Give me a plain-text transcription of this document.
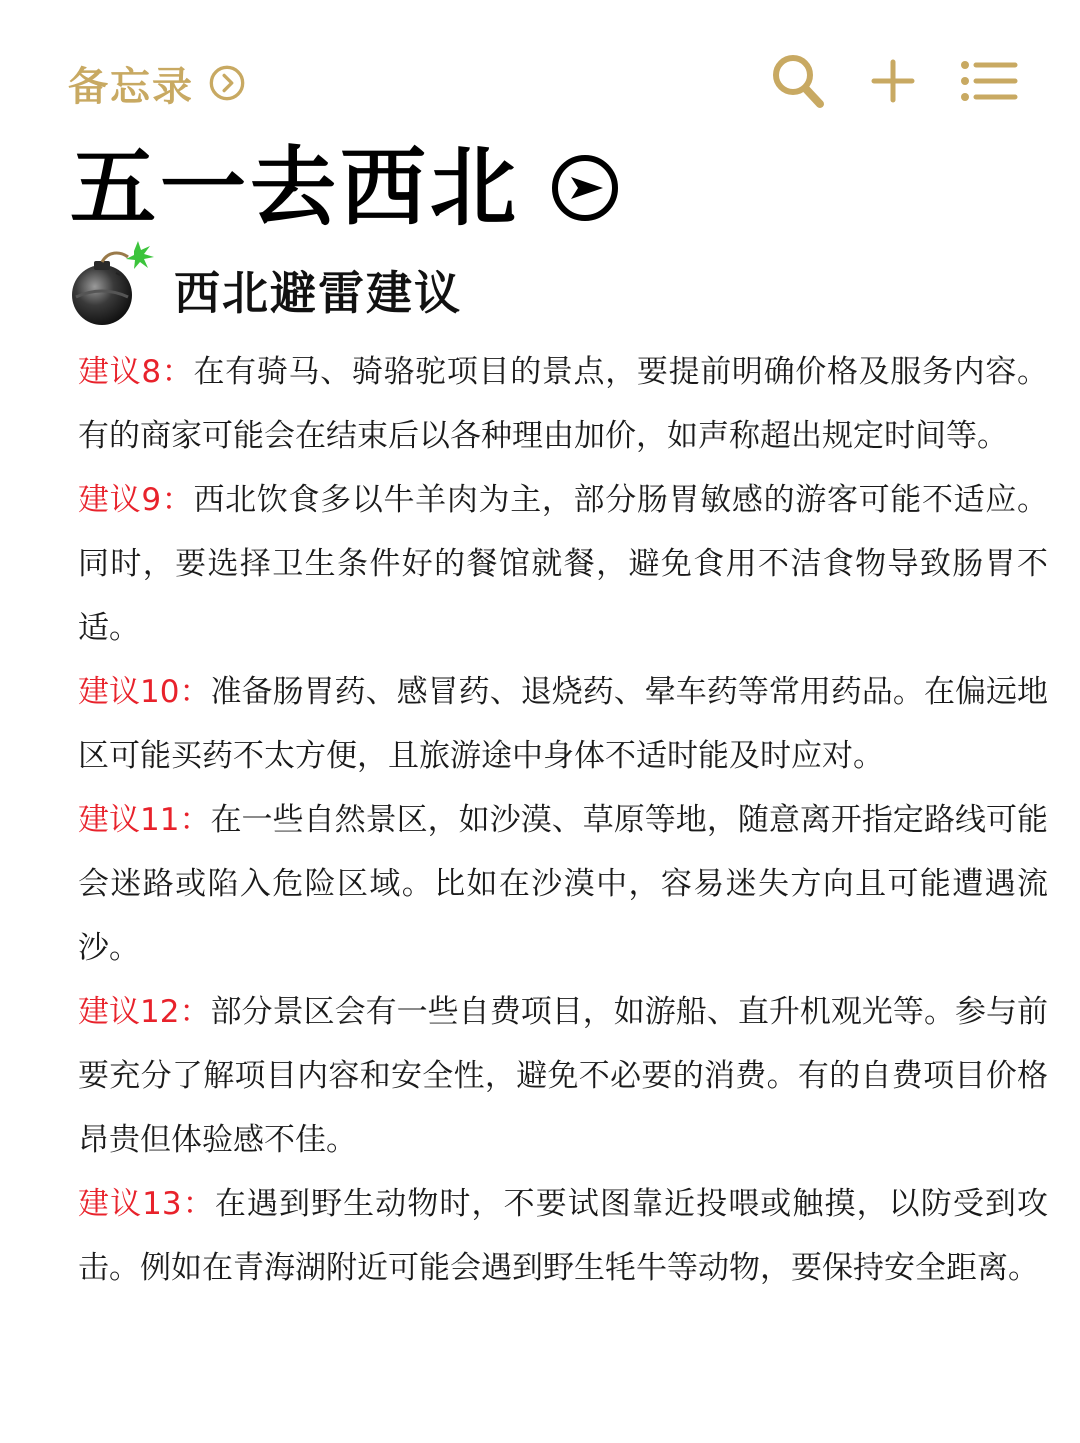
备忘录
五一去西北
西北避雷建议

建议8：在有骑马、骑骆驼项目的景点，要提前明确价格及服务内容。有的商家可能会在结束后以各种理由加价，如声称超出规定时间等。

建议9：西北饮食多以牛羊肉为主，部分肠胃敏感的游客可能不适应。同时，要选择卫生条件好的餐馆就餐，避免食用不洁食物导致肠胃不适。

建议10：准备肠胃药、感冒药、退烧药、晕车药等常用药品。在偏远地区可能买药不太方便，且旅游途中身体不适时能及时应对。

建议11：在一些自然景区，如沙漠、草原等地，随意离开指定路线可能会迷路或陷入危险区域。比如在沙漠中，容易迷失方向且可能遭遇流沙。

建议12：部分景区会有一些自费项目，如游船、直升机观光等。参与前要充分了解项目内容和安全性，避免不必要的消费。有的自费项目价格昂贵但体验感不佳。

建议13：在遇到野生动物时，不要试图靠近投喂或触摸，以防受到攻击。例如在青海湖附近可能会遇到野生牦牛等动物，要保持安全距离。
